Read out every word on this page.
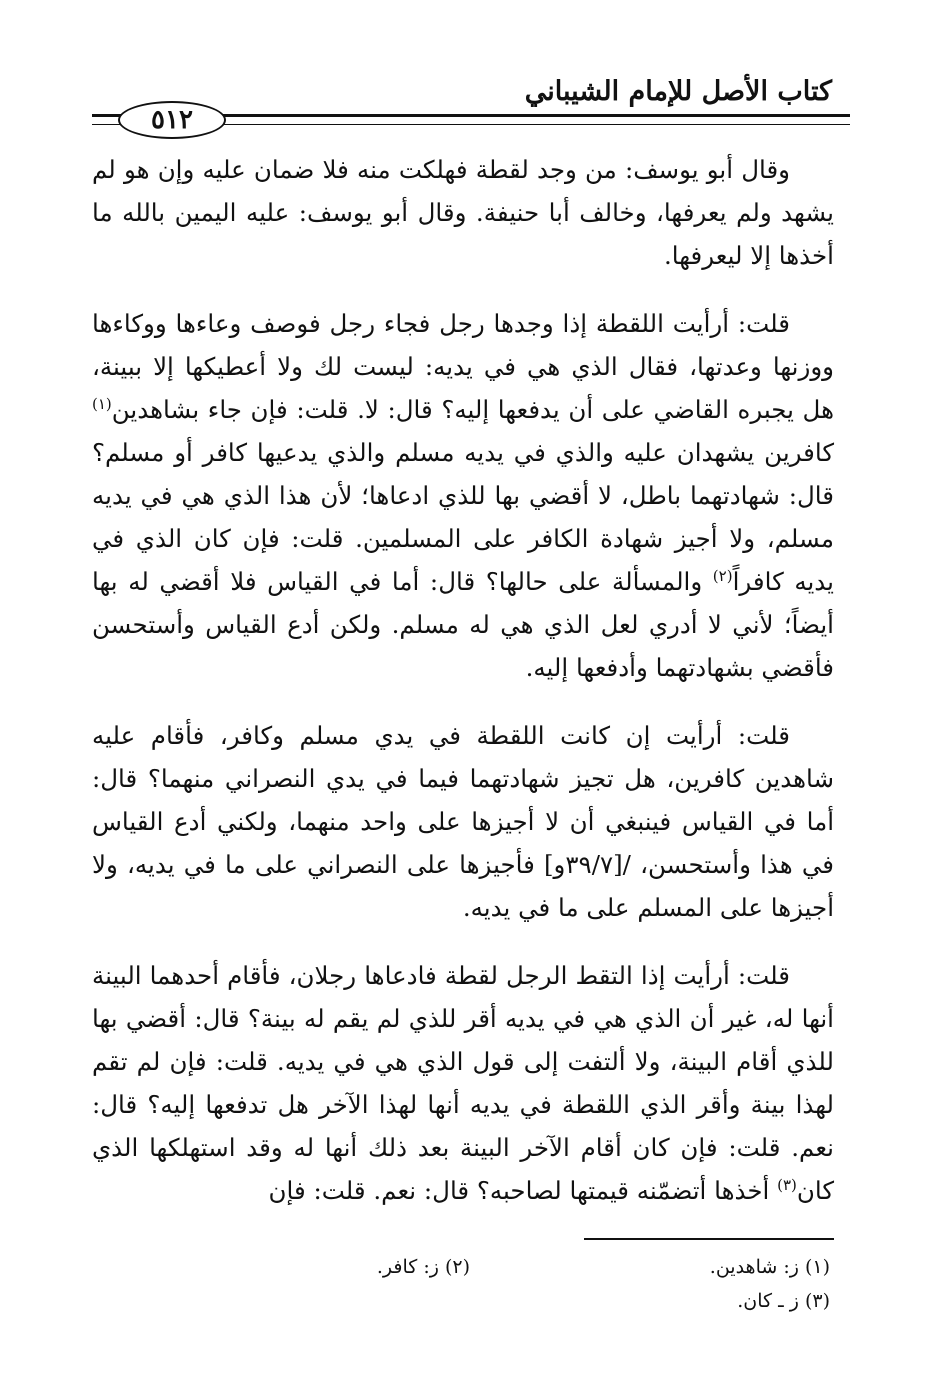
كتاب الأصل للإمام الشيباني
٥١٢

وقال أبو يوسف: من وجد لقطة فهلكت منه فلا ضمان عليه وإن هو لم يشهد ولم يعرفها، وخالف أبا حنيفة. وقال أبو يوسف: عليه اليمين بالله ما أخذها إلا ليعرفها.

قلت: أرأيت اللقطة إذا وجدها رجل فجاء رجل فوصف وعاءها ووكاءها ووزنها وعدتها، فقال الذي هي في يديه: ليست لك ولا أعطيكها إلا ببينة، هل يجبره القاضي على أن يدفعها إليه؟ قال: لا. قلت: فإن جاء بشاهدين$^{(١)}$ كافرين يشهدان عليه والذي في يديه مسلم والذي يدعيها كافر أو مسلم؟ قال: شهادتهما باطل، لا أقضي بها للذي ادعاها؛ لأن هذا الذي هي في يديه مسلم، ولا أجيز شهادة الكافر على المسلمين. قلت: فإن كان الذي في يديه كافراً$^{(٢)}$ والمسألة على حالها؟ قال: أما في القياس فلا أقضي له بها أيضاً؛ لأني لا أدري لعل الذي هي له مسلم. ولكن أدع القياس وأستحسن فأقضي بشهادتهما وأدفعها إليه.

قلت: أرأيت إن كانت اللقطة في يدي مسلم وكافر، فأقام عليه شاهدين كافرين، هل تجيز شهادتهما فيما في يدي النصراني منهما؟ قال: أما في القياس فينبغي أن لا أجيزها على واحد منهما، ولكني أدع القياس في هذا وأستحسن، /[٣٩/٧و] فأجيزها على النصراني على ما في يديه، ولا أجيزها على المسلم على ما في يديه.

قلت: أرأيت إذا التقط الرجل لقطة فادعاها رجلان، فأقام أحدهما البينة أنها له، غير أن الذي هي في يديه أقر للذي لم يقم له بينة؟ قال: أقضي بها للذي أقام البينة، ولا ألتفت إلى قول الذي هي في يديه. قلت: فإن لم تقم لهذا بينة وأقر الذي اللقطة في يديه أنها لهذا الآخر هل تدفعها إليه؟ قال: نعم. قلت: فإن كان أقام الآخر البينة بعد ذلك أنها له وقد استهلكها الذي كان$^{(٣)}$ أخذها أتضمّنه قيمتها لصاحبه؟ قال: نعم. قلت: فإن

(١) ز: شاهدين.
(٢) ز: كافر.
(٣) ز ـ كان.
